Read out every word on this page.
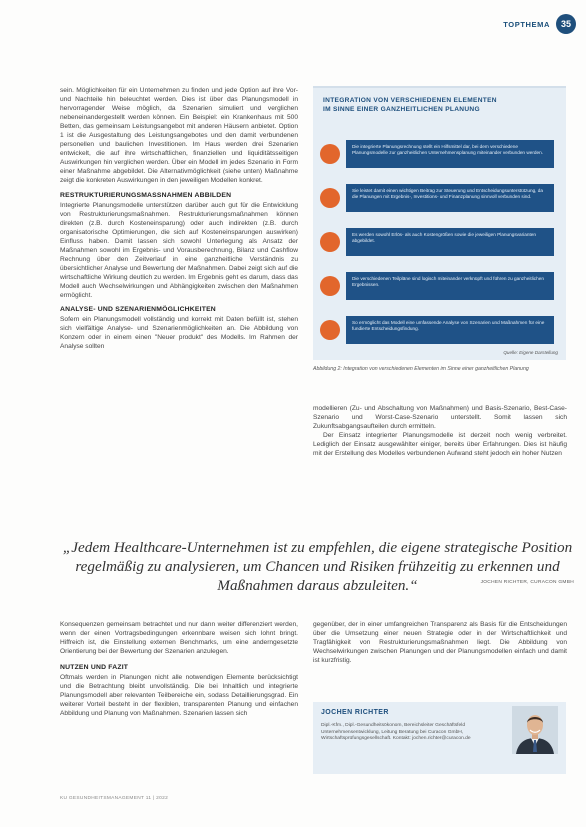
TOPTHEMA	35

sein. Möglichkeiten für ein Unternehmen zu finden und jede Option auf ihre Vor- und Nachteile hin beleuchtet werden. Dies ist über das Planungsmodell in hervorragender Weise möglich, da Szenarien simuliert und verglichen nebeneinandergestellt werden können. Ein Beispiel: ein Krankenhaus mit 500 Betten, das gemeinsam Leistungsangebot mit anderen Häusern anbietet. Option 1 ist die Ausgestaltung des Leistungsangebotes und den damit verbundenen personellen und baulichen Investitionen. Im Haus werden drei Szenarien entwickelt, die auf ihre wirtschaftlichen, finanziellen und liquiditätsseitigen Auswirkungen hin verglichen werden. Über ein Modell im jedes Szenario in Form einer Maßnahme abgebildet. Die Alternativmöglichkeit (siehe unten) Maßnahme zeigt die konkreten Auswirkungen in den jeweiligen Modellen konkret.

RESTRUKTURIERUNGSMASSNAHMEN ABBILDEN

Integrierte Planungsmodelle unterstützen darüber auch gut für die Entwicklung von Restrukturierungsmaßnahmen. Restrukturierungsmaßnahmen können direkten (z.B. durch Kosteneinsparung) oder auch indirekten (z.B. durch organisatorische Optimierungen, die sich auf Kosteneinsparungen auswirken) Einfluss haben. Damit lassen sich sowohl Unterlegung als Ansatz der Maßnahmen sowohl im Ergebnis- und Vorausberechnung, Bilanz und Cashflow Rechnung über den Zeitverlauf in eine ganzheitliche Verständnis zu übersichtlicher Analyse und Bewertung der Maßnahmen. Dabei zeigt sich auf die wirtschaftliche Wirkung deutlich zu werden. Im Ergebnis geht es darum, dass das Modell auch Wechselwirkungen und Abhängigkeiten zwischen den Maßnahmen ermöglicht.

ANALYSE- UND SZENARIENMÖGLICHKEITEN

Sofern ein Planungsmodell vollständig und korrekt mit Daten befüllt ist, stehen sich vielfältige Analyse- und Szenarienmöglichkeiten an. Die Abbildung von Konzern oder in einem einen "Neuer produkt" des Modells. Im Rahmen der Analyse sollten

INTEGRATION VON VERSCHIEDENEN ELEMENTEN
IM SINNE EINER GANZHEITLICHEN PLANUNG
Die integrierte Planungsrechnung stellt ein Hilfsmittel dar, bei dem verschiedene Planungsmodelle zur ganzheitlichen Unternehmensplanung miteinander verbunden werden.
Sie leistet damit einen wichtigen Beitrag zur Steuerung und Entscheidungsunterstützung, da die Planungen mit Ergebnis-, Investitions- und Finanzplanung sinnvoll verbunden sind.
Es werden sowohl Erlös- als auch Kostengrößen sowie die jeweiligen Planungsvarianten abgebildet.
Die verschiedenen Teilpläne sind logisch miteinander verknüpft und führen zu ganzheitlichen Ergebnissen.
So ermöglicht das Modell eine umfassende Analyse von Szenarien und Maßnahmen für eine fundierte Entscheidungsfindung.
Quelle: Eigene Darstellung
Abbildung 2: Integration von verschiedenen Elementen im Sinne einer ganzheitlichen Planung

modellieren (Zu- und Abschaltung von Maßnahmen) und Basis-Szenario, Best-Case-Szenario und Worst-Case-Szenario unterstellt. Somit lassen sich Zukunftsabgangsaufteilen durch ermitteln.

Der Einsatz integrierter Planungsmodelle ist derzeit noch wenig verbreitet. Lediglich der Einsatz ausgewählter einiger, bereits über Erfahrungen. Dies ist häufig mit der Erstellung des Modelles verbundenen Aufwand steht jedoch ein hoher Nutzen

„Jedem Healthcare-Unternehmen ist zu empfehlen, die eigene strategische Position regelmäßig zu analysieren, um Chancen und Risiken frühzeitig zu erkennen und Maßnahmen daraus abzuleiten.“	JOCHEN RICHTER, CURACON GMBH

Konsequenzen gemeinsam betrachtet und nur dann weiter differenziert werden, wenn der einen Vortragsbedingungen erkennbare weisen sich lohnt bringt. Hiffreich ist, die Einstellung externen Benchmarks, um eine anderngesetzte Orientierung bei der Bewertung der Szenarien anzulegen.

NUTZEN UND FAZIT

Oftmals werden in Planungen nicht alle notwendigen Elemente berücksichtigt und die Betrachtung bleibt unvollständig. Die bei Inhaltlich und integrierte Planungsmodell aber relevanten Teilbereiche ein, sodass Detaillierungsgrad. Ein weiterer Vorteil besteht in der flexiblen, transparenten Planung und einfachen Abbildung und Planung von Maßnahmen. Szenarien lassen sich

gegenüber, der in einer umfangreichen Transparenz als Basis für die Entscheidungen über die Umsetzung einer neuen Strategie oder in der Wirtschaftlichkeit und Tragfähigkeit von Restrukturierungsmaßnahmen liegt. Die Abbildung von Wechselwirkungen zwischen Planungen und der Planungsmodellen einfach und damit ist kurzfristig.

JOCHEN RICHTER
Dipl.-Kfm., Dipl.-Gesundheitsökonom, Bereichsleiter Geschäftsfeld Unternehmensentwicklung, Leitung Beratung bei Curacon GmbH, Wirtschaftsprüfungsgesellschaft. Kontakt: jochen.richter@curacon.de
KU GESUNDHEITSMANAGEMENT 11 | 2022
